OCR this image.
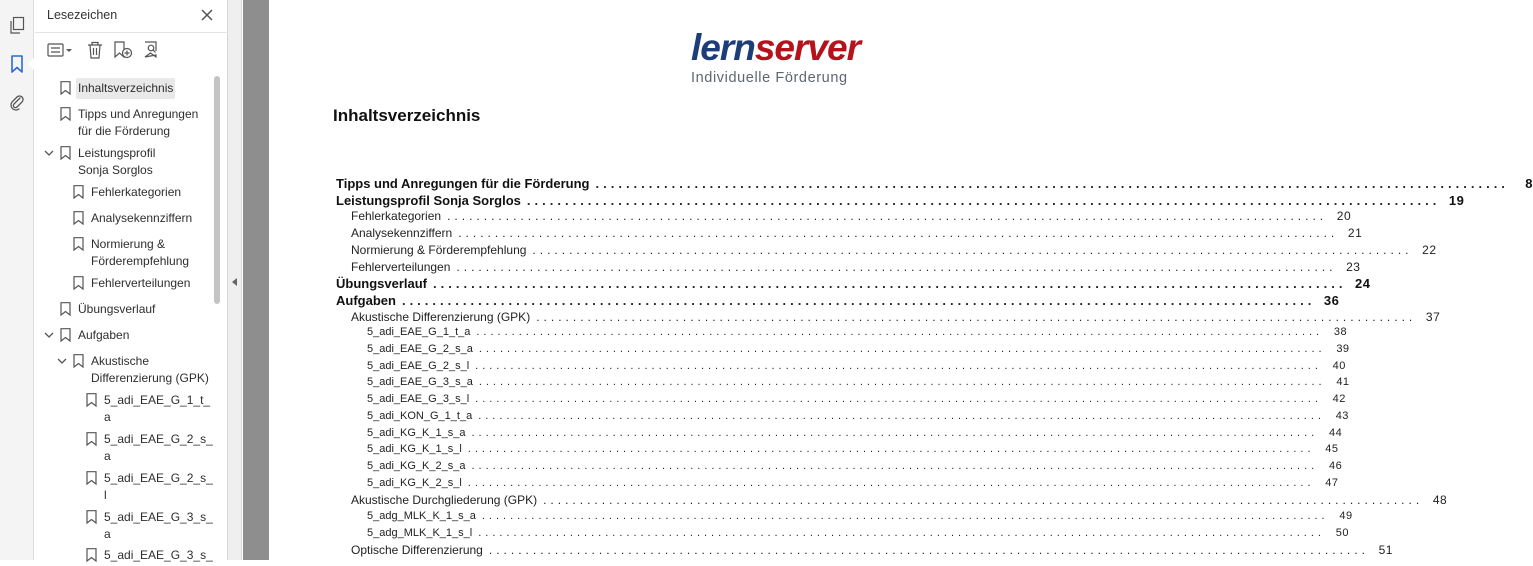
Lesezeichen
Inhaltsverzeichnis
Tipps und Anregungen
für die Förderung
Leistungsprofil
Sonja Sorglos
Fehlerkategorien
Analysekennziffern
Normierung &
Förderempfehlung
Fehlerverteilungen
Übungsverlauf
Aufgaben
Akustische
Differenzierung (GPK)
5_adi_EAE_G_1_t_
a
5_adi_EAE_G_2_s_
a
5_adi_EAE_G_2_s_
l
5_adi_EAE_G_3_s_
a
5_adi_EAE_G_3_s_
lernserver
Individuelle Förderung
Inhaltsverzeichnis
Tipps und Anregungen für die Förderung ........................................................................................................................	8
Leistungsprofil Sonja Sorglos ........................................................................................................................ 19
Fehlerkategorien ........................................................................................................................ 20
Analysekennziffern ........................................................................................................................ 21
Normierung & Förderempfehlung ........................................................................................................................ 22
Fehlerverteilungen ........................................................................................................................ 23
Übungsverlauf ........................................................................................................................ 24
Aufgaben ........................................................................................................................ 36
Akustische Differenzierung (GPK) ........................................................................................................................ 37
5_adi_EAE_G_1_t_a ........................................................................................................................ 38
5_adi_EAE_G_2_s_a ........................................................................................................................ 39
5_adi_EAE_G_2_s_l ........................................................................................................................ 40
5_adi_EAE_G_3_s_a ........................................................................................................................ 41
5_adi_EAE_G_3_s_l ........................................................................................................................ 42
5_adi_KON_G_1_t_a ........................................................................................................................ 43
5_adi_KG_K_1_s_a ........................................................................................................................ 44
5_adi_KG_K_1_s_l ........................................................................................................................ 45
5_adi_KG_K_2_s_a ........................................................................................................................ 46
5_adi_KG_K_2_s_l ........................................................................................................................ 47
Akustische Durchgliederung (GPK) ........................................................................................................................ 48
5_adg_MLK_K_1_s_a ........................................................................................................................ 49
5_adg_MLK_K_1_s_l ........................................................................................................................ 50
Optische Differenzierung ........................................................................................................................ 51
